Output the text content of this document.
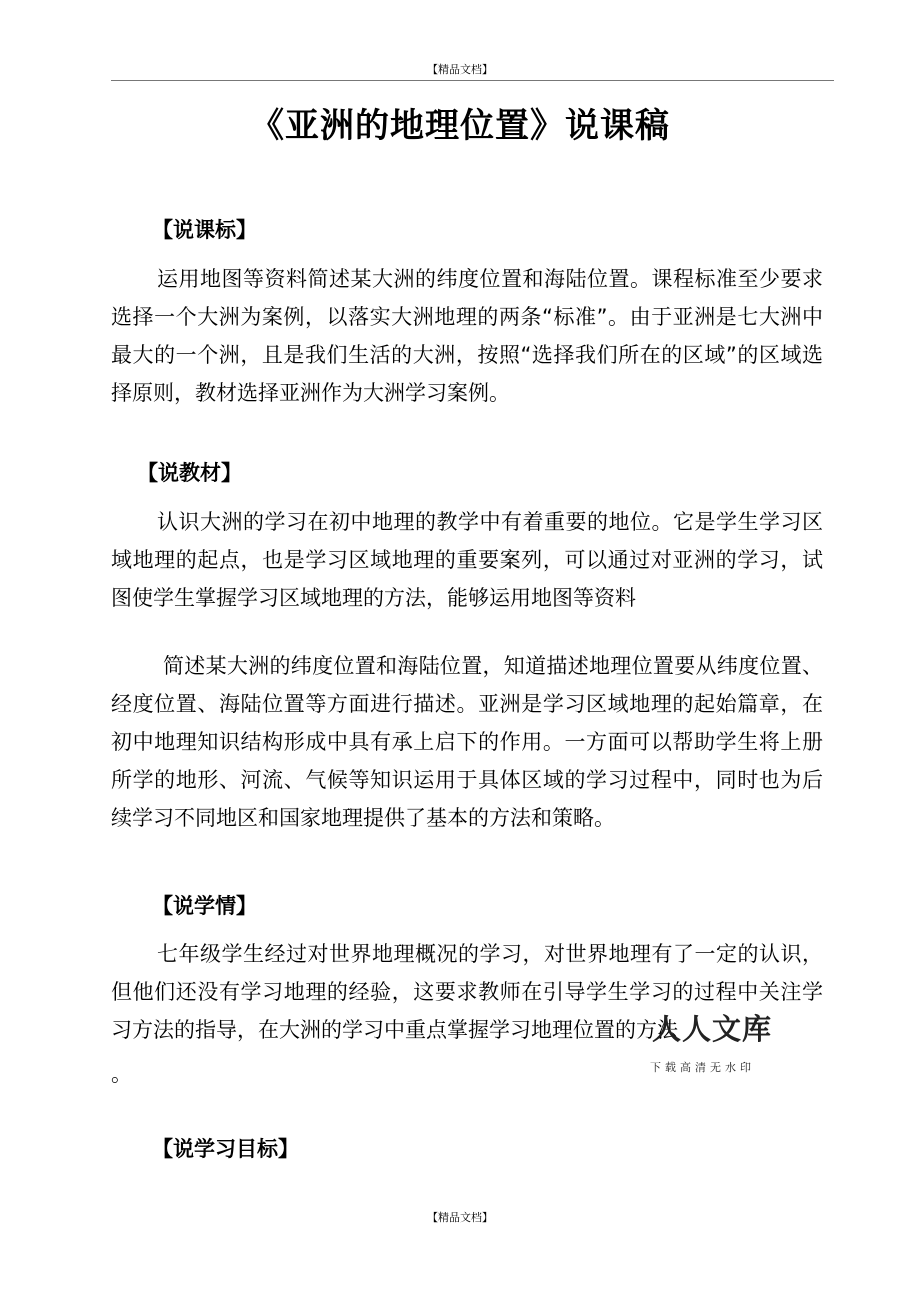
【精品文档】
《亚洲的地理位置》说课稿
【说课标】

运用地图等资料简述某大洲的纬度位置和海陆位置。课程标准至少要求选择一个大洲为案例，以落实大洲地理的两条“标准”。由于亚洲是七大洲中最大的一个洲，且是我们生活的大洲，按照“选择我们所在的区域”的区域选择原则，教材选择亚洲作为大洲学习案例。

【说教材】

认识大洲的学习在初中地理的教学中有着重要的地位。它是学生学习区域地理的起点，也是学习区域地理的重要案列，可以通过对亚洲的学习，试图使学生掌握学习区域地理的方法，能够运用地图等资料

简述某大洲的纬度位置和海陆位置，知道描述地理位置要从纬度位置、经度位置、海陆位置等方面进行描述。亚洲是学习区域地理的起始篇章，在初中地理知识结构形成中具有承上启下的作用。一方面可以帮助学生将上册所学的地形、河流、气候等知识运用于具体区域的学习过程中，同时也为后续学习不同地区和国家地理提供了基本的方法和策略。

【说学情】

七年级学生经过对世界地理概况的学习，对世界地理有了一定的认识，但他们还没有学习地理的经验，这要求教师在引导学生学习的过程中关注学习方法的指导，在大洲的学习中重点掌握学习地理位置的方法

。

【说学习目标】
人人文库
下载高清无水印
【精品文档】
